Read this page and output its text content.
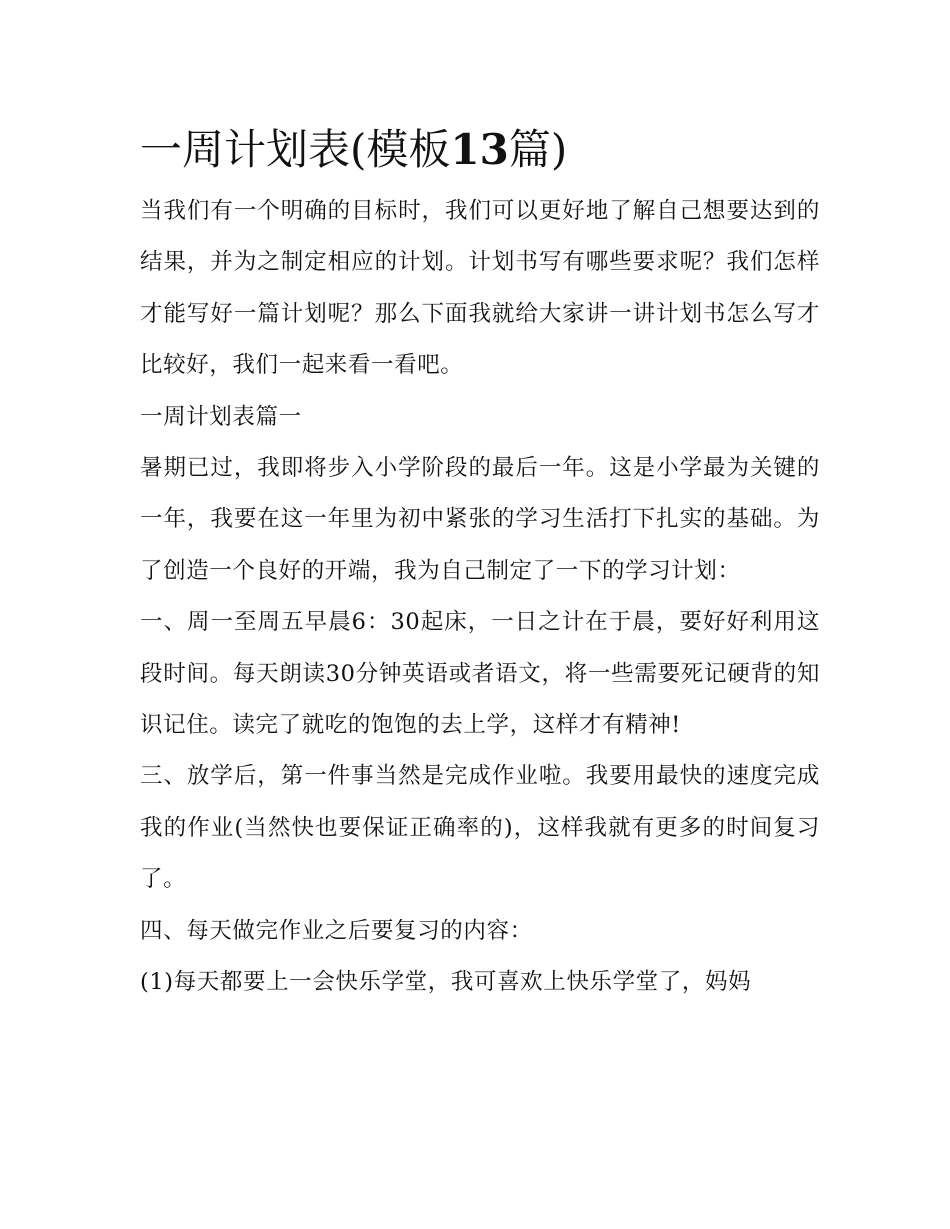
一周计划表(模板13篇)

当我们有一个明确的目标时，我们可以更好地了解自己想要达到的结果，并为之制定相应的计划。计划书写有哪些要求呢？我们怎样才能写好一篇计划呢？那么下面我就给大家讲一讲计划书怎么写才比较好，我们一起来看一看吧。

一周计划表篇一

暑期已过，我即将步入小学阶段的最后一年。这是小学最为关键的一年，我要在这一年里为初中紧张的学习生活打下扎实的基础。为了创造一个良好的开端，我为自己制定了一下的学习计划：

一、周一至周五早晨6：30起床，一日之计在于晨，要好好利用这段时间。每天朗读30分钟英语或者语文，将一些需要死记硬背的知识记住。读完了就吃的饱饱的去上学，这样才有精神!

三、放学后，第一件事当然是完成作业啦。我要用最快的速度完成我的作业(当然快也要保证正确率的)，这样我就有更多的时间复习了。

四、每天做完作业之后要复习的内容：

(1)每天都要上一会快乐学堂，我可喜欢上快乐学堂了，妈妈
